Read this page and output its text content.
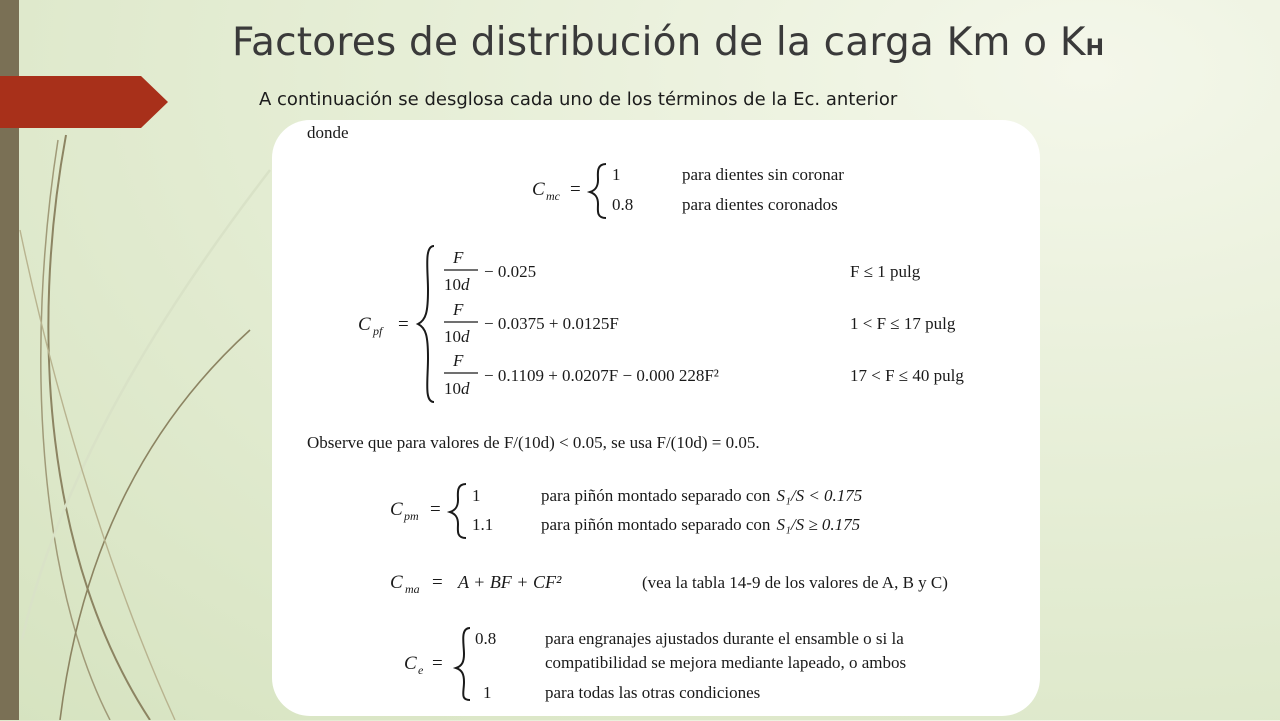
Factores de distribución de la carga Km o KH

A continuación se desglosa cada uno de los términos de la Ec. anterior

donde
C mc =
1	para dientes sin coronar
0.8	para dientes coronados
C pf =
F
10d
− 0.025	F ≤ 1 pulg
F
10d
− 0.0375 + 0.0125F	1 < F ≤ 17 pulg
F
10d
− 0.1109 + 0.0207F − 0.000 228F²	17 < F ≤ 40 pulg
Observe que para valores de F/(10d) < 0.05, se usa F/(10d) = 0.05.
C pm =
1	para piñón montado separado con S₁/S < 0.175
1.1	para piñón montado separado con S₁/S ≥ 0.175
C ma = A + BF + CF²	(vea la tabla 14-9 de los valores de A, B y C)
C e =
0.8	para engranajes ajustados durante el ensamble o si la
compatibilidad se mejora mediante lapeado, o ambos
1	para todas las otras condiciones
